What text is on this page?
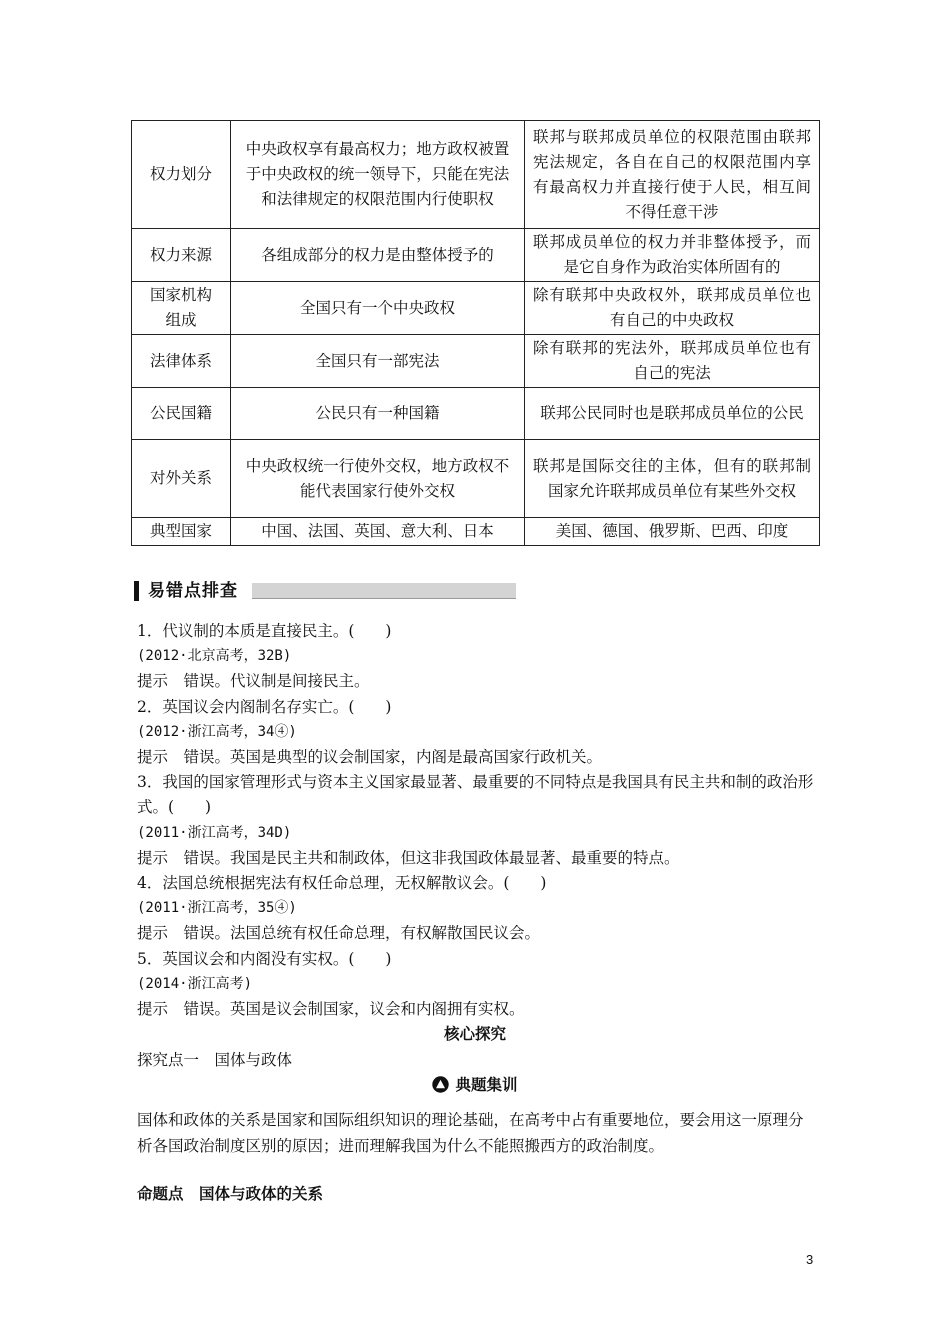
权力划分	中央政权享有最高权力；地方政权被置于中央政权的统一领导下，只能在宪法和法律规定的权限范围内行使职权	联邦与联邦成员单位的权限范围由联邦宪法规定，各自在自己的权限范围内享有最高权力并直接行使于人民，相互间不得任意干涉
权力来源	各组成部分的权力是由整体授予的	联邦成员单位的权力并非整体授予，而是它自身作为政治实体所固有的
国家机构组成	全国只有一个中央政权	除有联邦中央政权外，联邦成员单位也有自己的中央政权
法律体系	全国只有一部宪法	除有联邦的宪法外，联邦成员单位也有自己的宪法
公民国籍	公民只有一种国籍	联邦公民同时也是联邦成员单位的公民
对外关系	中央政权统一行使外交权，地方政权不能代表国家行使外交权	联邦是国际交往的主体，但有的联邦制国家允许联邦成员单位有某些外交权
典型国家	中国、法国、英国、意大利、日本	美国、德国、俄罗斯、巴西、印度
易错点排查

1．代议制的本质是直接民主。(　　)

(2012·北京高考，32B)

提示　错误。代议制是间接民主。

2．英国议会内阁制名存实亡。(　　)

(2012·浙江高考，34④)

提示　错误。英国是典型的议会制国家，内阁是最高国家行政机关。

3．我国的国家管理形式与资本主义国家最显著、最重要的不同特点是我国具有民主共和制的政治形式。(　　)

(2011·浙江高考，34D)

提示　错误。我国是民主共和制政体，但这非我国政体最显著、最重要的特点。

4．法国总统根据宪法有权任命总理，无权解散议会。(　　)

(2011·浙江高考，35④)

提示　错误。法国总统有权任命总理，有权解散国民议会。

5．英国议会和内阁没有实权。(　　)

(2014·浙江高考)

提示　错误。英国是议会制国家，议会和内阁拥有实权。

核心探究
探究点一　国体与政体
典题集训

国体和政体的关系是国家和国际组织知识的理论基础，在高考中占有重要地位，要会用这一原理分析各国政治制度区别的原因；进而理解我国为什么不能照搬西方的政治制度。

命题点　国体与政体的关系
3
